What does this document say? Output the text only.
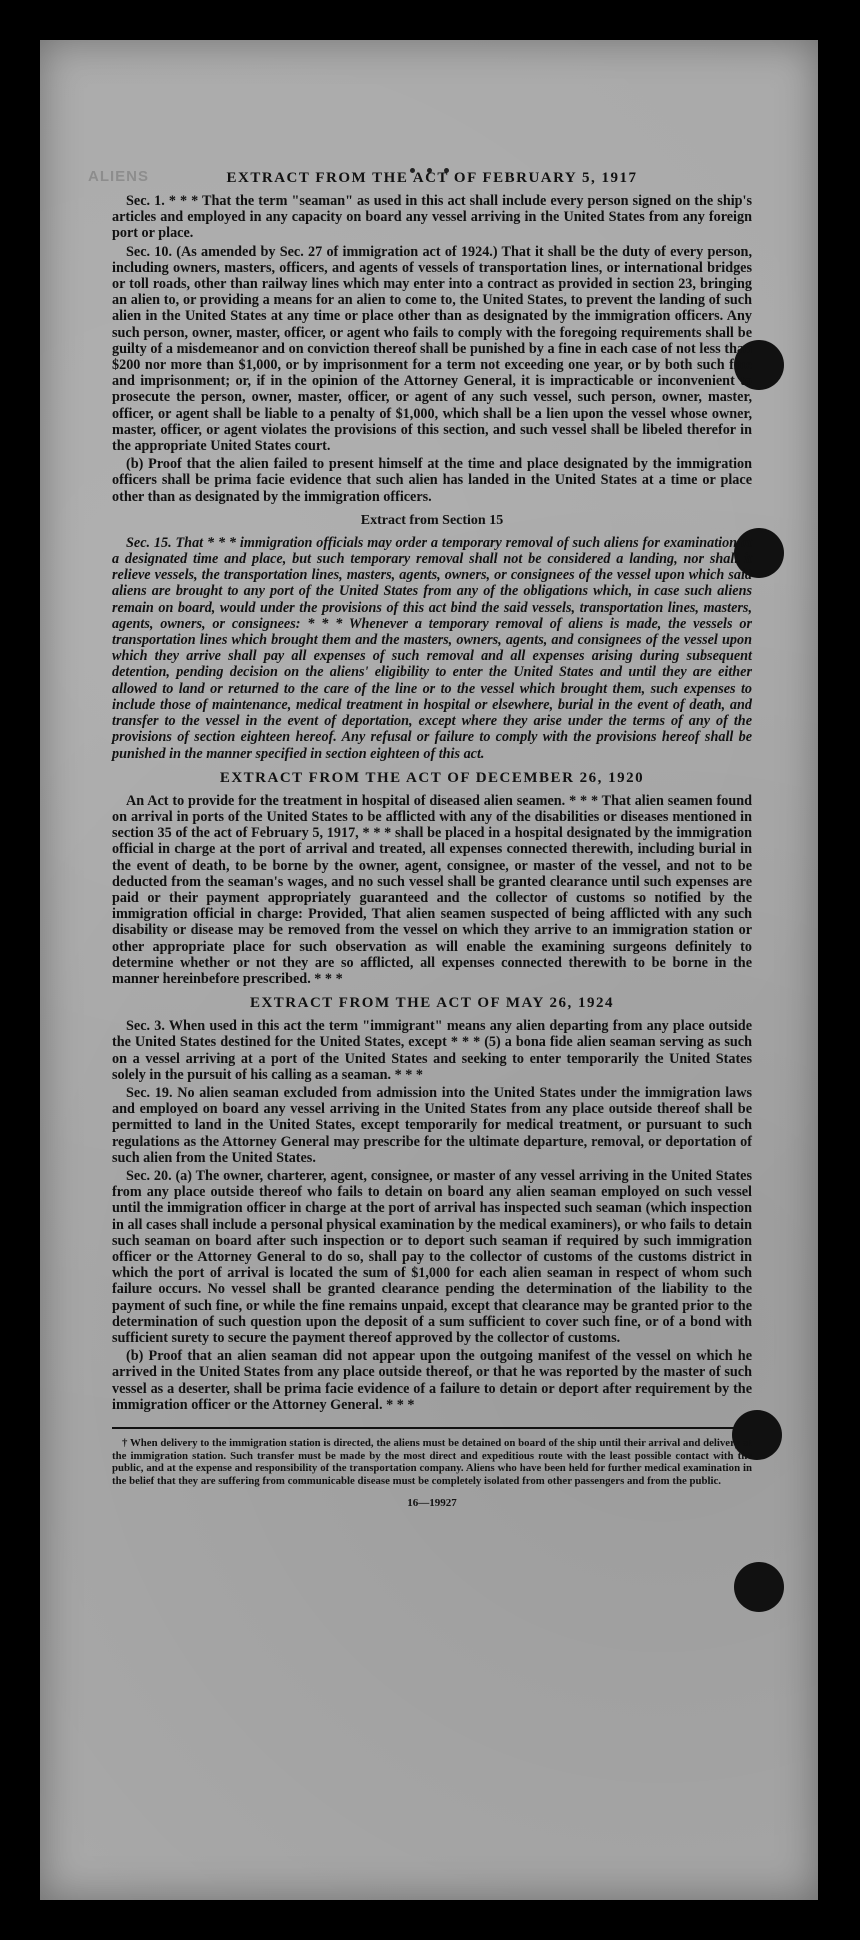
ALIENS	EXTRACT FROM THE ACT OF FEBRUARY 5, 1917

Sec. 1. * * * That the term "seaman" as used in this act shall include every person signed on the ship's articles and employed in any capacity on board any vessel arriving in the United States from any foreign port or place.

Sec. 10. (As amended by Sec. 27 of immigration act of 1924.) That it shall be the duty of every person, including owners, masters, officers, and agents of vessels of transportation lines, or international bridges or toll roads, other than railway lines which may enter into a contract as provided in section 23, bringing an alien to, or providing a means for an alien to come to, the United States, to prevent the landing of such alien in the United States at any time or place other than as designated by the immigration officers. Any such person, owner, master, officer, or agent who fails to comply with the foregoing requirements shall be guilty of a misdemeanor and on conviction thereof shall be punished by a fine in each case of not less than $200 nor more than $1,000, or by imprisonment for a term not exceeding one year, or by both such fine and imprisonment; or, if in the opinion of the Attorney General, it is impracticable or inconvenient to prosecute the person, owner, master, officer, or agent of any such vessel, such person, owner, master, officer, or agent shall be liable to a penalty of $1,000, which shall be a lien upon the vessel whose owner, master, officer, or agent violates the provisions of this section, and such vessel shall be libeled therefor in the appropriate United States court.

(b) Proof that the alien failed to present himself at the time and place designated by the immigration officers shall be prima facie evidence that such alien has landed in the United States at a time or place other than as designated by the immigration officers.

Extract from Section 15

Sec. 15. That * * * immigration officials may order a temporary removal of such aliens for examination at a designated time and place, but such temporary removal shall not be considered a landing, nor shall it relieve vessels, the transportation lines, masters, agents, owners, or consignees of the vessel upon which said aliens are brought to any port of the United States from any of the obligations which, in case such aliens remain on board, would under the provisions of this act bind the said vessels, transportation lines, masters, agents, owners, or consignees: * * * Whenever a temporary removal of aliens is made, the vessels or transportation lines which brought them and the masters, owners, agents, and consignees of the vessel upon which they arrive shall pay all expenses of such removal and all expenses arising during subsequent detention, pending decision on the aliens' eligibility to enter the United States and until they are either allowed to land or returned to the care of the line or to the vessel which brought them, such expenses to include those of maintenance, medical treatment in hospital or elsewhere, burial in the event of death, and transfer to the vessel in the event of deportation, except where they arise under the terms of any of the provisions of section eighteen hereof. Any refusal or failure to comply with the provisions hereof shall be punished in the manner specified in section eighteen of this act.

EXTRACT FROM THE ACT OF DECEMBER 26, 1920

An Act to provide for the treatment in hospital of diseased alien seamen. * * * That alien seamen found on arrival in ports of the United States to be afflicted with any of the disabilities or diseases mentioned in section 35 of the act of February 5, 1917, * * * shall be placed in a hospital designated by the immigration official in charge at the port of arrival and treated, all expenses connected therewith, including burial in the event of death, to be borne by the owner, agent, consignee, or master of the vessel, and not to be deducted from the seaman's wages, and no such vessel shall be granted clearance until such expenses are paid or their payment appropriately guaranteed and the collector of customs so notified by the immigration official in charge: Provided, That alien seamen suspected of being afflicted with any such disability or disease may be removed from the vessel on which they arrive to an immigration station or other appropriate place for such observation as will enable the examining surgeons definitely to determine whether or not they are so afflicted, all expenses connected therewith to be borne in the manner hereinbefore prescribed. * * *

EXTRACT FROM THE ACT OF MAY 26, 1924

Sec. 3. When used in this act the term "immigrant" means any alien departing from any place outside the United States destined for the United States, except * * * (5) a bona fide alien seaman serving as such on a vessel arriving at a port of the United States and seeking to enter temporarily the United States solely in the pursuit of his calling as a seaman. * * *

Sec. 19. No alien seaman excluded from admission into the United States under the immigration laws and employed on board any vessel arriving in the United States from any place outside thereof shall be permitted to land in the United States, except temporarily for medical treatment, or pursuant to such regulations as the Attorney General may prescribe for the ultimate departure, removal, or deportation of such alien from the United States.

Sec. 20. (a) The owner, charterer, agent, consignee, or master of any vessel arriving in the United States from any place outside thereof who fails to detain on board any alien seaman employed on such vessel until the immigration officer in charge at the port of arrival has inspected such seaman (which inspection in all cases shall include a personal physical examination by the medical examiners), or who fails to detain such seaman on board after such inspection or to deport such seaman if required by such immigration officer or the Attorney General to do so, shall pay to the collector of customs of the customs district in which the port of arrival is located the sum of $1,000 for each alien seaman in respect of whom such failure occurs. No vessel shall be granted clearance pending the determination of the liability to the payment of such fine, or while the fine remains unpaid, except that clearance may be granted prior to the determination of such question upon the deposit of a sum sufficient to cover such fine, or of a bond with sufficient surety to secure the payment thereof approved by the collector of customs.

(b) Proof that an alien seaman did not appear upon the outgoing manifest of the vessel on which he arrived in the United States from any place outside thereof, or that he was reported by the master of such vessel as a deserter, shall be prima facie evidence of a failure to detain or deport after requirement by the immigration officer or the Attorney General. * * *

† When delivery to the immigration station is directed, the aliens must be detained on board of the ship until their arrival and delivery at the immigration station. Such transfer must be made by the most direct and expeditious route with the least possible contact with the public, and at the expense and responsibility of the transportation company. Aliens who have been held for further medical examination in the belief that they are suffering from communicable disease must be completely isolated from other passengers and from the public.

16—19927
